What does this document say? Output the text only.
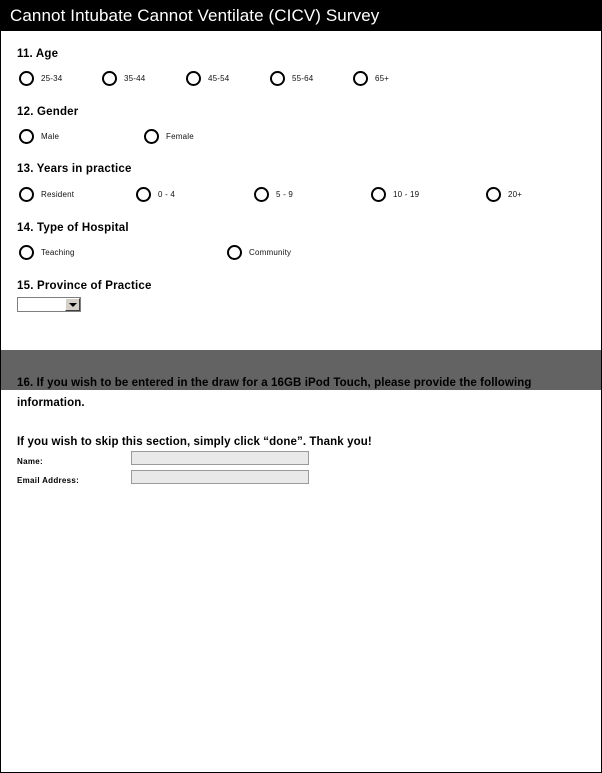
Cannot Intubate Cannot Ventilate (CICV) Survey
11. Age
25-34	35-44	45-54	55-64	65+
12. Gender
Male	Female
13. Years in practice
Resident	0 - 4	5 - 9	10 - 19	20+
14. Type of Hospital
Teaching	Community
15. Province of Practice
16. If you wish to be entered in the draw for a 16GB iPod Touch, please provide the following information.
If you wish to skip this section, simply click “done”. Thank you!
Name:
Email Address:
